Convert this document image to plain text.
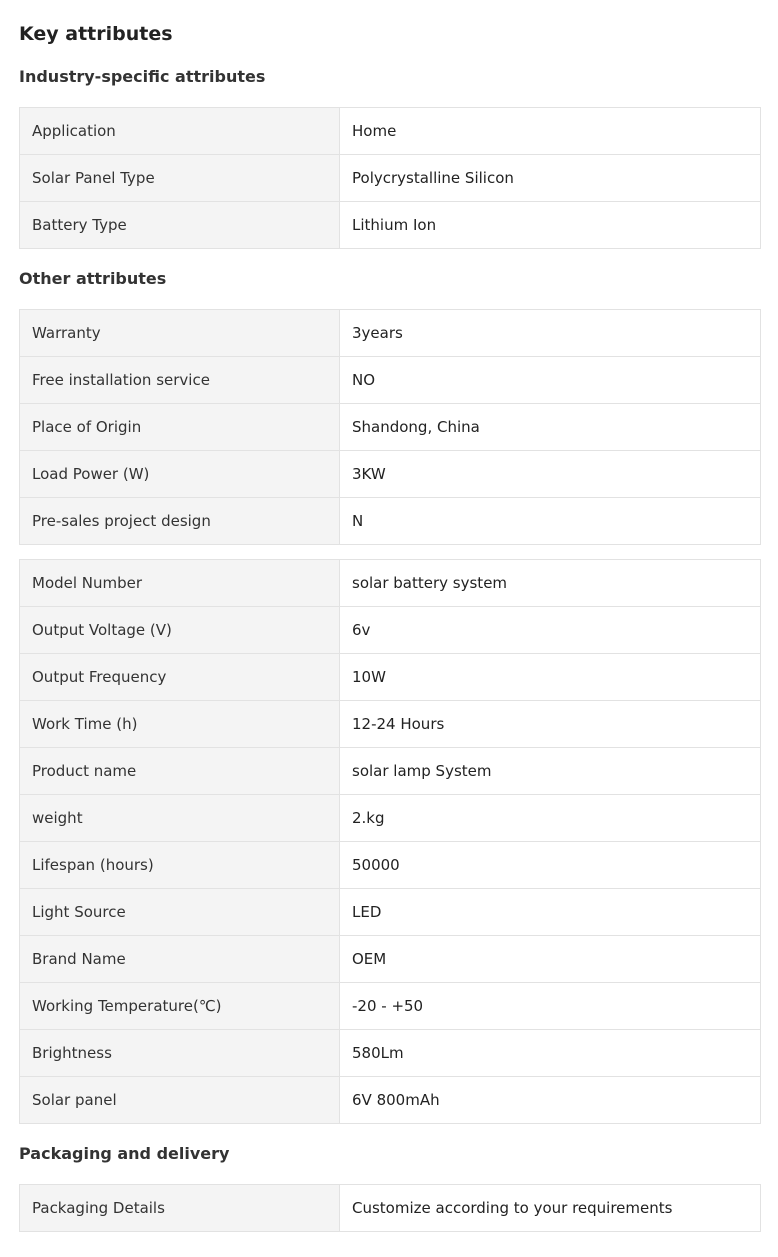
Key attributes
Industry-specific attributes
Application	Home
Solar Panel Type	Polycrystalline Silicon
Battery Type	Lithium Ion
Other attributes
Warranty	3years
Free installation service	NO
Place of Origin	Shandong, China
Load Power (W)	3KW
Pre-sales project design	N
Model Number	solar battery system
Output Voltage (V)	6v
Output Frequency	10W
Work Time (h)	12-24 Hours
Product name	solar lamp System
weight	2.kg
Lifespan (hours)	50000
Light Source	LED
Brand Name	OEM
Working Temperature(℃)	-20 - +50
Brightness	580Lm
Solar panel	6V 800mAh
Packaging and delivery
Packaging Details	Customize according to your requirements
